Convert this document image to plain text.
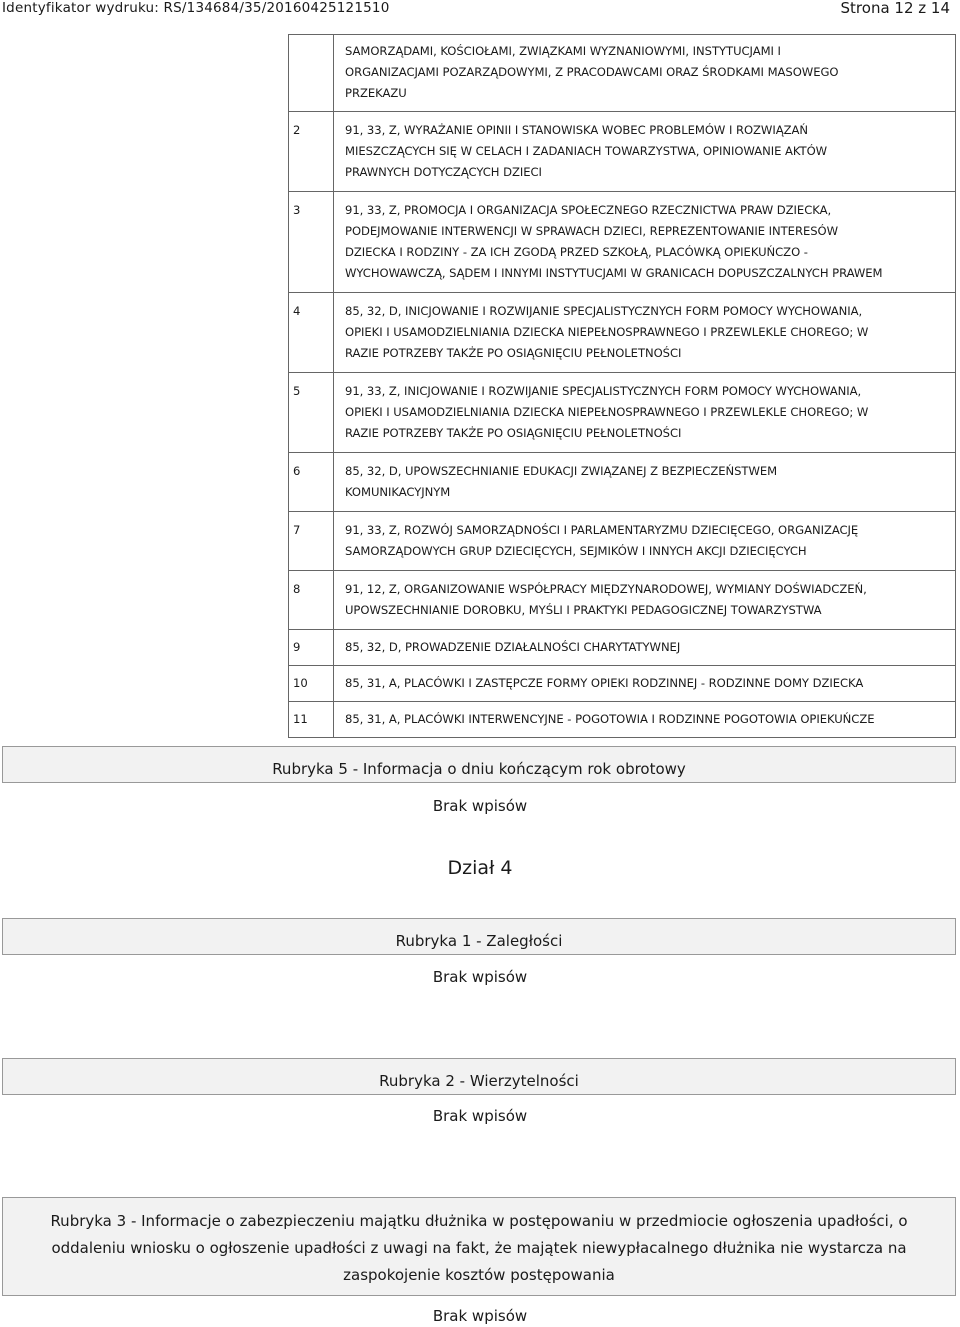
Identyfikator wydruku: RS/134684/35/20160425121510	Strona 12 z 14

	SAMORZĄDAMI, KOŚCIOŁAMI, ZWIĄZKAMI WYZNANIOWYMI, INSTYTUCJAMI I
ORGANIZACJAMI POZARZĄDOWYMI, Z PRACODAWCAMI ORAZ ŚRODKAMI MASOWEGO
PRZEKAZU

2	91, 33, Z, WYRAŻANIE OPINII I STANOWISKA WOBEC PROBLEMÓW I ROZWIĄZAŃ
MIESZCZĄCYCH SIĘ W CELACH I ZADANIACH TOWARZYSTWA, OPINIOWANIE AKTÓW
PRAWNYCH DOTYCZĄCYCH DZIECI

3	91, 33, Z, PROMOCJA I ORGANIZACJA SPOŁECZNEGO RZECZNICTWA PRAW DZIECKA,
PODEJMOWANIE INTERWENCJI W SPRAWACH DZIECI, REPREZENTOWANIE INTERESÓW
DZIECKA I RODZINY - ZA ICH ZGODĄ PRZED SZKOŁĄ, PLACÓWKĄ OPIEKUŃCZO -
WYCHOWAWCZĄ, SĄDEM I INNYMI INSTYTUCJAMI W GRANICACH DOPUSZCZALNYCH PRAWEM

4	85, 32, D, INICJOWANIE I ROZWIJANIE SPECJALISTYCZNYCH FORM POMOCY WYCHOWANIA,
OPIEKI I USAMODZIELNIANIA DZIECKA NIEPEŁNOSPRAWNEGO I PRZEWLEKLE CHOREGO; W
RAZIE POTRZEBY TAKŻE PO OSIĄGNIĘCIU PEŁNOLETNOŚCI

5	91, 33, Z, INICJOWANIE I ROZWIJANIE SPECJALISTYCZNYCH FORM POMOCY WYCHOWANIA,
OPIEKI I USAMODZIELNIANIA DZIECKA NIEPEŁNOSPRAWNEGO I PRZEWLEKLE CHOREGO; W
RAZIE POTRZEBY TAKŻE PO OSIĄGNIĘCIU PEŁNOLETNOŚCI

6	85, 32, D, UPOWSZECHNIANIE EDUKACJI ZWIĄZANEJ Z BEZPIECZEŃSTWEM
KOMUNIKACYJNYM

7	91, 33, Z, ROZWÓJ SAMORZĄDNOŚCI I PARLAMENTARYZMU DZIECIĘCEGO, ORGANIZACJĘ
SAMORZĄDOWYCH GRUP DZIECIĘCYCH, SEJMIKÓW I INNYCH AKCJI DZIECIĘCYCH

8	91, 12, Z, ORGANIZOWANIE WSPÓŁPRACY MIĘDZYNARODOWEJ, WYMIANY DOŚWIADCZEŃ,
UPOWSZECHNIANIE DOROBKU, MYŚLI I PRAKTYKI PEDAGOGICZNEJ TOWARZYSTWA

9	85, 32, D, PROWADZENIE DZIAŁALNOŚCI CHARYTATYWNEJ

10	85, 31, A, PLACÓWKI I ZASTĘPCZE FORMY OPIEKI RODZINNEJ - RODZINNE DOMY DZIECKA

11	85, 31, A, PLACÓWKI INTERWENCYJNE - POGOTOWIA I RODZINNE POGOTOWIA OPIEKUŃCZE
Rubryka 5 - Informacja o dniu kończącym rok obrotowy
Brak wpisów
Dział 4
Rubryka 1 - Zaległości
Brak wpisów
Rubryka 2 - Wierzytelności
Brak wpisów
Rubryka 3 - Informacje o zabezpieczeniu majątku dłużnika w postępowaniu w przedmiocie ogłoszenia upadłości, o
oddaleniu wniosku o ogłoszenie upadłości z uwagi na fakt, że majątek niewypłacalnego dłużnika nie wystarcza na
zaspokojenie kosztów postępowania
Brak wpisów
